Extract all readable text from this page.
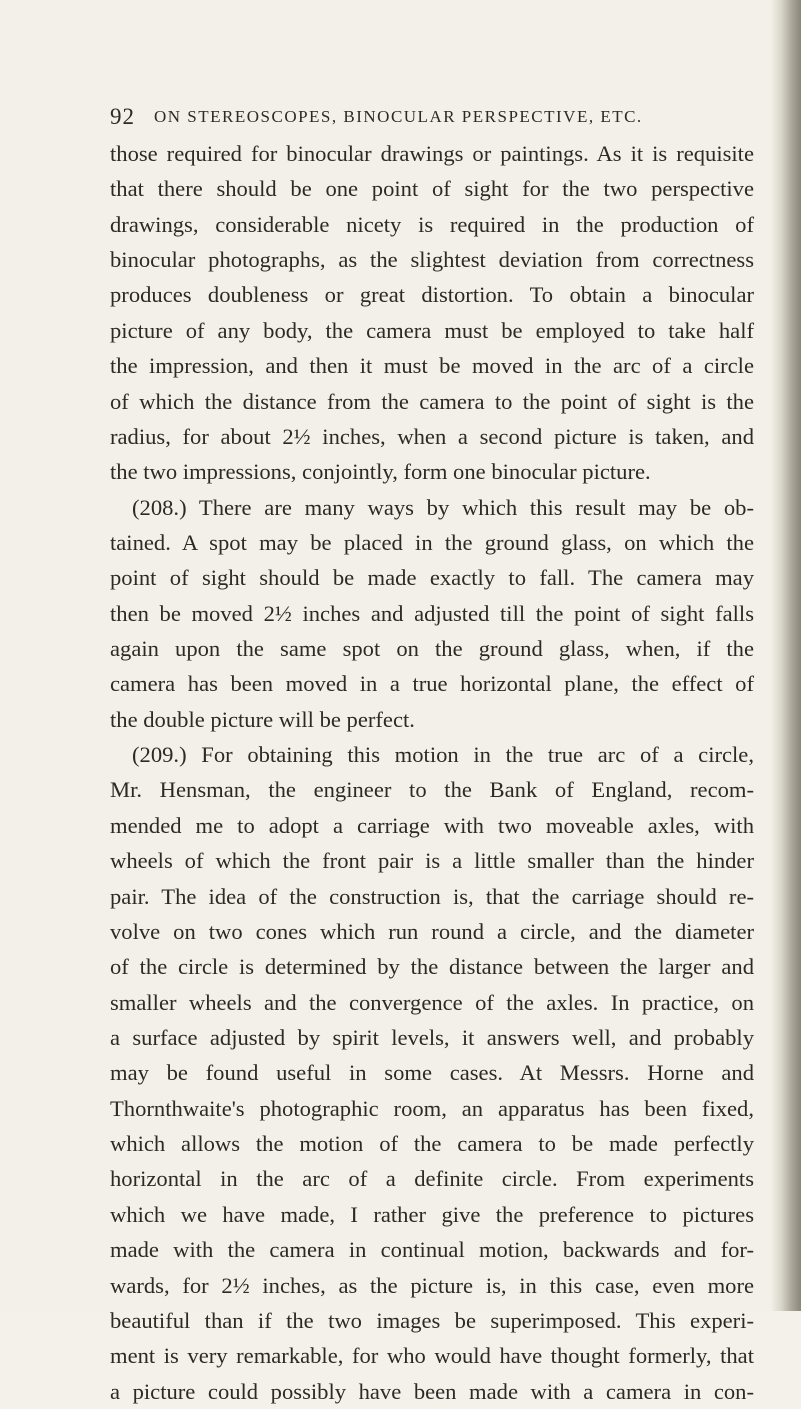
92 ON STEREOSCOPES, BINOCULAR PERSPECTIVE, ETC.
those required for binocular drawings or paintings. As it is requisite
that there should be one point of sight for the two perspective
drawings, considerable nicety is required in the production of
binocular photographs, as the slightest deviation from correctness
produces doubleness or great distortion. To obtain a binocular
picture of any body, the camera must be employed to take half
the impression, and then it must be moved in the arc of a circle
of which the distance from the camera to the point of sight is the
radius, for about 2½ inches, when a second picture is taken, and
the two impressions, conjointly, form one binocular picture.
(208.) There are many ways by which this result may be ob-
tained. A spot may be placed in the ground glass, on which the
point of sight should be made exactly to fall. The camera may
then be moved 2½ inches and adjusted till the point of sight falls
again upon the same spot on the ground glass, when, if the
camera has been moved in a true horizontal plane, the effect of
the double picture will be perfect.
(209.) For obtaining this motion in the true arc of a circle,
Mr. Hensman, the engineer to the Bank of England, recom-
mended me to adopt a carriage with two moveable axles, with
wheels of which the front pair is a little smaller than the hinder
pair. The idea of the construction is, that the carriage should re-
volve on two cones which run round a circle, and the diameter
of the circle is determined by the distance between the larger and
smaller wheels and the convergence of the axles. In practice, on
a surface adjusted by spirit levels, it answers well, and probably
may be found useful in some cases. At Messrs. Horne and
Thornthwaite's photographic room, an apparatus has been fixed,
which allows the motion of the camera to be made perfectly
horizontal in the arc of a definite circle. From experiments
which we have made, I rather give the preference to pictures
made with the camera in continual motion, backwards and for-
wards, for 2½ inches, as the picture is, in this case, even more
beautiful than if the two images be superimposed. This experi-
ment is very remarkable, for who would have thought formerly, that
a picture could possibly have been made with a camera in con-
